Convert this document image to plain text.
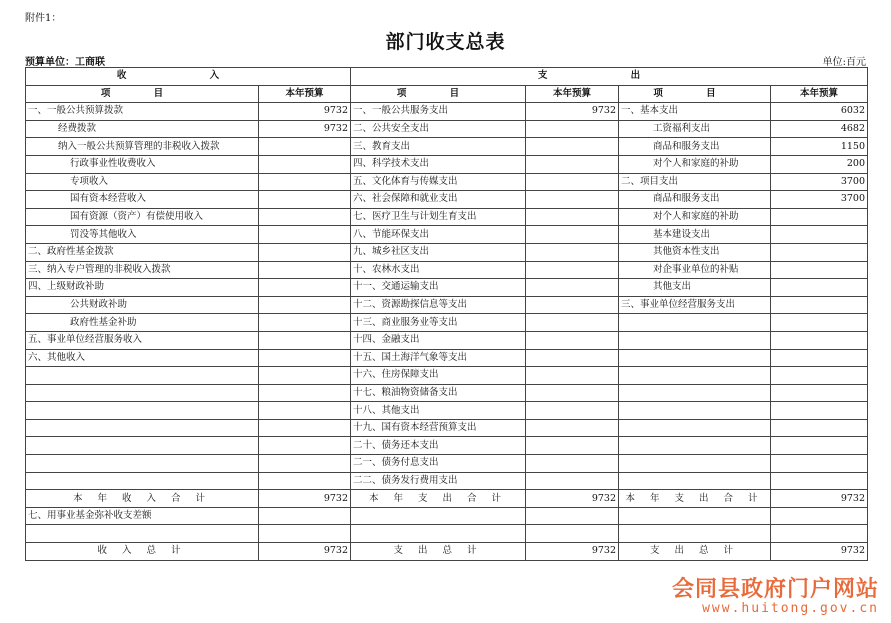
附件1：
部门收支总表
预算单位：工商联	单位:百元
收 入		支 出			
项 目	本年预算	项 目	本年预算	项 目	本年预算
一、一般公共预算拨款	9732	一、一般公共服务支出	9732	一、基本支出	6032
经费拨款	9732	二、公共安全支出		工资福利支出	4682
纳入一般公共预算管理的非税收入拨款		三、教育支出		商品和服务支出	1150
行政事业性收费收入		四、科学技术支出		对个人和家庭的补助	200
专项收入		五、文化体育与传媒支出		二、项目支出	3700
国有资本经营收入		六、社会保障和就业支出		商品和服务支出	3700
国有资源（资产）有偿使用收入		七、医疗卫生与计划生育支出		对个人和家庭的补助	
罚没等其他收入		八、节能环保支出		基本建设支出	
二、政府性基金拨款		九、城乡社区支出		其他资本性支出	
三、纳入专户管理的非税收入拨款		十、农林水支出		对企事业单位的补贴	
四、上级财政补助		十一、交通运输支出		其他支出	
公共财政补助		十二、资源勘探信息等支出		三、事业单位经营服务支出	
政府性基金补助		十三、商业服务业等支出			
五、事业单位经营服务收入		十四、金融支出			
六、其他收入		十五、国土海洋气象等支出			
		十六、住房保障支出			
		十七、粮油物资储备支出			
		十八、其他支出			
		十九、国有资本经营预算支出			
		二十、债务还本支出			
		二一、债务付息支出			
		二二、债务发行费用支出			
本 年 收 入 合 计	9732	本 年 支 出 合 计	9732	本 年 支 出 合 计	9732
七、用事业基金弥补收支差额					

收 入 总 计	9732	支 出 总 计	9732	支 出 总 计	9732
会同县政府门户网站
www.huitong.gov.cn
